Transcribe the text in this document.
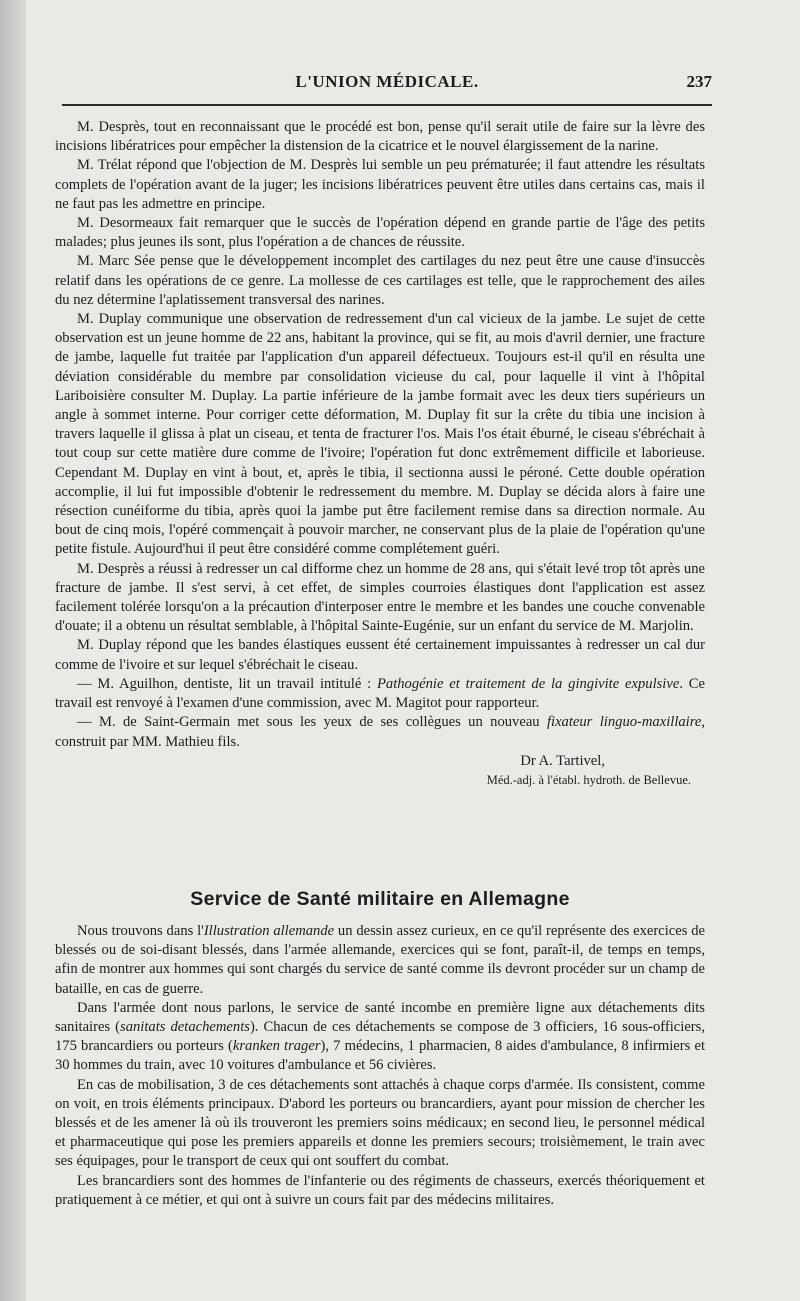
L'UNION MÉDICALE.	237

M. Desprès, tout en reconnaissant que le procédé est bon, pense qu'il serait utile de faire sur la lèvre des incisions libératrices pour empêcher la distension de la cicatrice et le nouvel élargissement de la narine.

M. Trélat répond que l'objection de M. Desprès lui semble un peu prématurée; il faut attendre les résultats complets de l'opération avant de la juger; les incisions libératrices peuvent être utiles dans certains cas, mais il ne faut pas les admettre en principe.

M. Desormeaux fait remarquer que le succès de l'opération dépend en grande partie de l'âge des petits malades; plus jeunes ils sont, plus l'opération a de chances de réussite.

M. Marc Sée pense que le développement incomplet des cartilages du nez peut être une cause d'insuccès relatif dans les opérations de ce genre. La mollesse de ces cartilages est telle, que le rapprochement des ailes du nez détermine l'aplatissement transversal des narines.

M. Duplay communique une observation de redressement d'un cal vicieux de la jambe. Le sujet de cette observation est un jeune homme de 22 ans, habitant la province, qui se fit, au mois d'avril dernier, une fracture de jambe, laquelle fut traitée par l'application d'un appareil défectueux. Toujours est-il qu'il en résulta une déviation considérable du membre par consolidation vicieuse du cal, pour laquelle il vint à l'hôpital Lariboisière consulter M. Duplay. La partie inférieure de la jambe formait avec les deux tiers supérieurs un angle à sommet interne. Pour corriger cette déformation, M. Duplay fit sur la crête du tibia une incision à travers laquelle il glissa à plat un ciseau, et tenta de fracturer l'os. Mais l'os était éburné, le ciseau s'ébréchait à tout coup sur cette matière dure comme de l'ivoire; l'opération fut donc extrêmement difficile et laborieuse. Cependant M. Duplay en vint à bout, et, après le tibia, il sectionna aussi le péroné. Cette double opération accomplie, il lui fut impossible d'obtenir le redressement du membre. M. Duplay se décida alors à faire une résection cunéiforme du tibia, après quoi la jambe put être facilement remise dans sa direction normale. Au bout de cinq mois, l'opéré commençait à pouvoir marcher, ne conservant plus de la plaie de l'opération qu'une petite fistule. Aujourd'hui il peut être considéré comme complétement guéri.

M. Desprès a réussi à redresser un cal difforme chez un homme de 28 ans, qui s'était levé trop tôt après une fracture de jambe. Il s'est servi, à cet effet, de simples courroies élastiques dont l'application est assez facilement tolérée lorsqu'on a la précaution d'interposer entre le membre et les bandes une couche convenable d'ouate; il a obtenu un résultat semblable, à l'hôpital Sainte-Eugénie, sur un enfant du service de M. Marjolin.

M. Duplay répond que les bandes élastiques eussent été certainement impuissantes à redresser un cal dur comme de l'ivoire et sur lequel s'ébréchait le ciseau.

— M. Aguilhon, dentiste, lit un travail intitulé : Pathogénie et traitement de la gingivite expulsive. Ce travail est renvoyé à l'examen d'une commission, avec M. Magitot pour rapporteur.

— M. de Saint-Germain met sous les yeux de ses collègues un nouveau fixateur linguo-maxillaire, construit par MM. Mathieu fils.

Dr A. Tartivel,

Méd.-adj. à l'établ. hydroth. de Bellevue.

Service de Santé militaire en Allemagne

Nous trouvons dans l'Illustration allemande un dessin assez curieux, en ce qu'il représente des exercices de blessés ou de soi-disant blessés, dans l'armée allemande, exercices qui se font, paraît-il, de temps en temps, afin de montrer aux hommes qui sont chargés du service de santé comme ils devront procéder sur un champ de bataille, en cas de guerre.

Dans l'armée dont nous parlons, le service de santé incombe en première ligne aux détachements dits sanitaires (sanitats detachements). Chacun de ces détachements se compose de 3 officiers, 16 sous-officiers, 175 brancardiers ou porteurs (kranken trager), 7 médecins, 1 pharmacien, 8 aides d'ambulance, 8 infirmiers et 30 hommes du train, avec 10 voitures d'ambulance et 56 civières.

En cas de mobilisation, 3 de ces détachements sont attachés à chaque corps d'armée. Ils consistent, comme on voit, en trois éléments principaux. D'abord les porteurs ou brancardiers, ayant pour mission de chercher les blessés et de les amener là où ils trouveront les premiers soins médicaux; en second lieu, le personnel médical et pharmaceutique qui pose les premiers appareils et donne les premiers secours; troisièmement, le train avec ses équipages, pour le transport de ceux qui ont souffert du combat.

Les brancardiers sont des hommes de l'infanterie ou des régiments de chasseurs, exercés théoriquement et pratiquement à ce métier, et qui ont à suivre un cours fait par des médecins militaires.
